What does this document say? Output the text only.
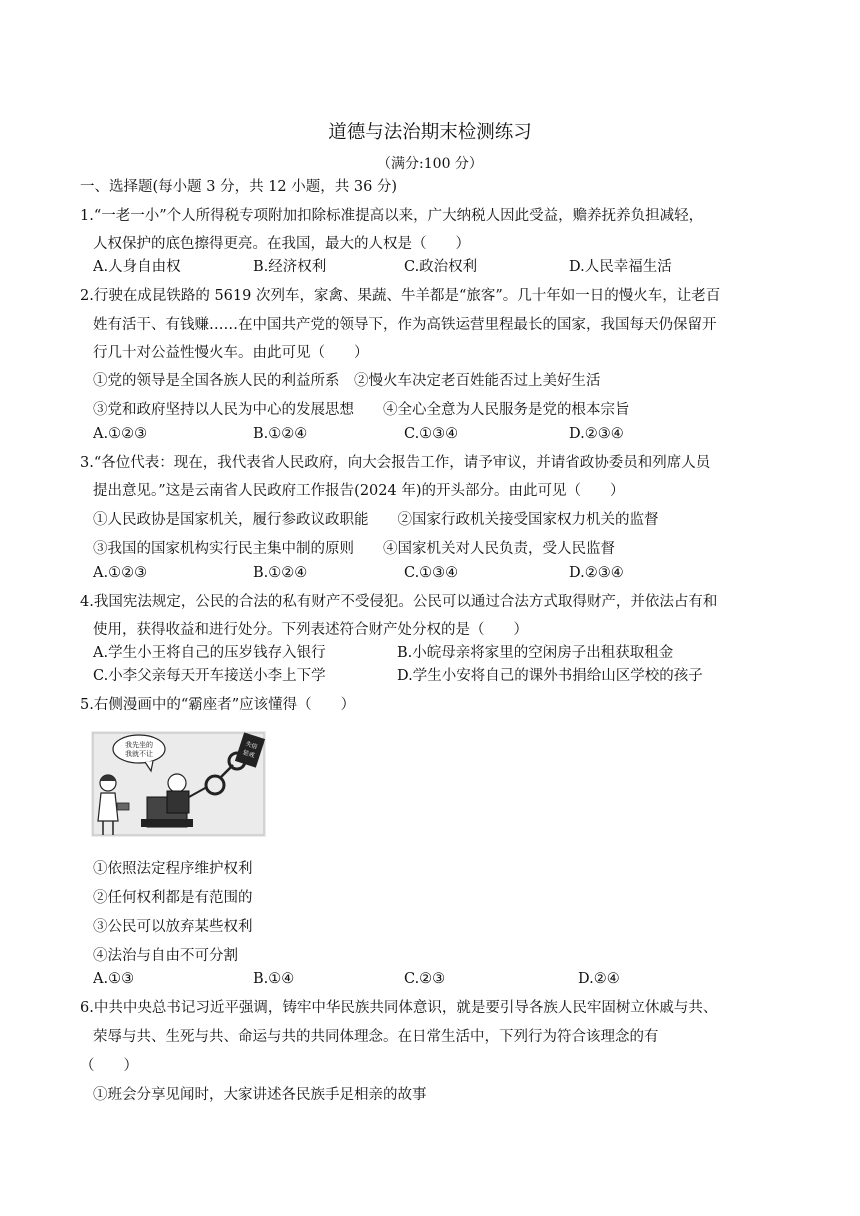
道德与法治期末检测练习
（满分:100 分）
一、选择题(每小题 3 分，共 12 小题，共 36 分)
1.“一老一小”个人所得税专项附加扣除标准提高以来，广大纳税人因此受益，赡养抚养负担减轻，
人权保护的底色擦得更亮。在我国，最大的人权是（　　）
A.人身自由权	B.经济权利	C.政治权利	D.人民幸福生活
2.行驶在成昆铁路的 5619 次列车，家禽、果蔬、牛羊都是“旅客”。几十年如一日的慢火车，让老百
姓有活干、有钱赚……在中国共产党的领导下，作为高铁运营里程最长的国家，我国每天仍保留开
行几十对公益性慢火车。由此可见（　　）
①党的领导是全国各族人民的利益所系　②慢火车决定老百姓能否过上美好生活
③党和政府坚持以人民为中心的发展思想　　④全心全意为人民服务是党的根本宗旨
A.①②③	B.①②④	C.①③④	D.②③④
3.“各位代表：现在，我代表省人民政府，向大会报告工作，请予审议，并请省政协委员和列席人员
提出意见。”这是云南省人民政府工作报告(2024 年)的开头部分。由此可见（　　）
①人民政协是国家机关，履行参政议政职能　　②国家行政机关接受国家权力机关的监督
③我国的国家机构实行民主集中制的原则　　④国家机关对人民负责，受人民监督
A.①②③	B.①②④	C.①③④	D.②③④
4.我国宪法规定，公民的合法的私有财产不受侵犯。公民可以通过合法方式取得财产，并依法占有和
使用，获得收益和进行处分。下列表述符合财产处分权的是（　　）
A.学生小王将自己的压岁钱存入银行	B.小皖母亲将家里的空闲房子出租获取租金
C.小李父亲每天开车接送小李上下学	D.学生小安将自己的课外书捐给山区学校的孩子
5.右侧漫画中的“霸座者”应该懂得（　　）
我先坐的
我就不让
失信
惩戒
①依照法定程序维护权利
②任何权利都是有范围的
③公民可以放弃某些权利
④法治与自由不可分割
A.①③	B.①④	C.②③	D.②④
6.中共中央总书记习近平强调，铸牢中华民族共同体意识，就是要引导各族人民牢固树立休戚与共、
荣辱与共、生死与共、命运与共的共同体理念。在日常生活中，下列行为符合该理念的有
（　　）
①班会分享见闻时，大家讲述各民族手足相亲的故事
